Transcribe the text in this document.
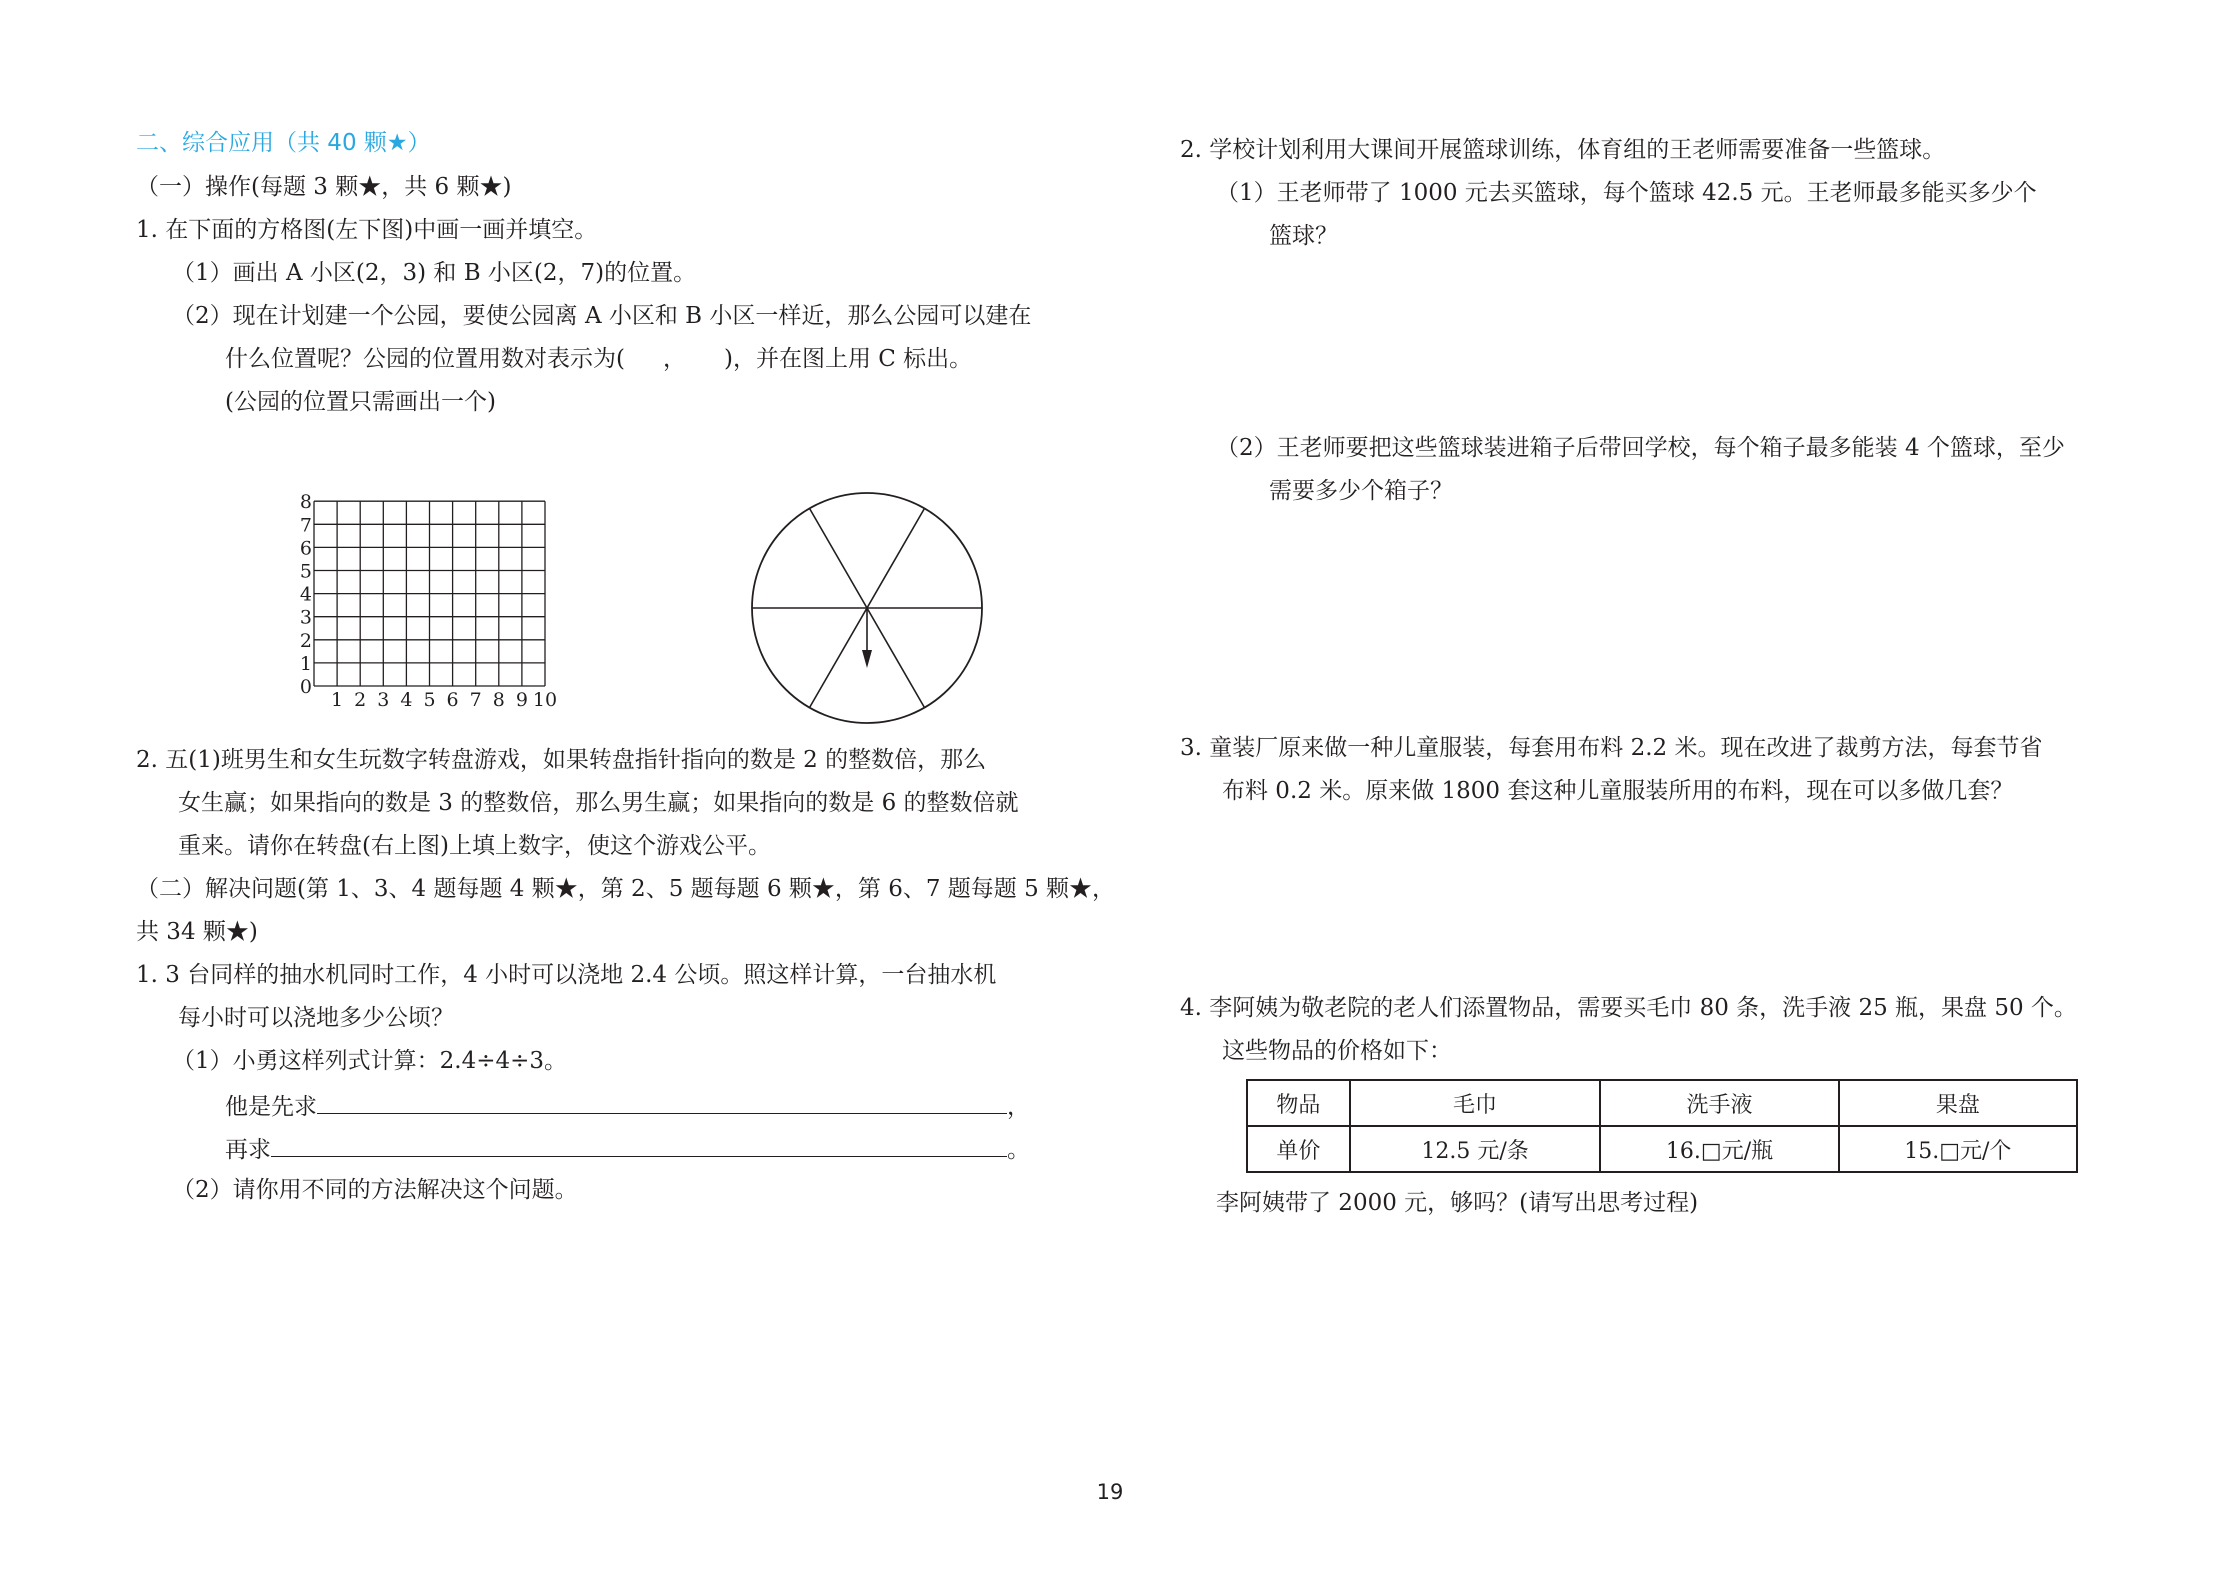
二、综合应用（共 40 颗★）
（一）操作(每题 3 颗★，共 6 颗★)
1. 在下面的方格图(左下图)中画一画并填空。
（1）画出 A 小区(2，3) 和 B 小区(2，7)的位置。
（2）现在计划建一个公园，要使公园离 A 小区和 B 小区一样近，那么公园可以建在
什么位置呢？公园的位置用数对表示为( ， )，并在图上用 C 标出。
(公园的位置只需画出一个)
0
1
2
3
4
5
6
7
8
1 2 3 4 5 6 7 8 9 10
2. 五(1)班男生和女生玩数字转盘游戏，如果转盘指针指向的数是 2 的整数倍，那么
女生赢；如果指向的数是 3 的整数倍，那么男生赢；如果指向的数是 6 的整数倍就
重来。请你在转盘(右上图)上填上数字，使这个游戏公平。
（二）解决问题(第 1、3、4 题每题 4 颗★，第 2、5 题每题 6 颗★，第 6、7 题每题 5 颗★，
共 34 颗★)
1. 3 台同样的抽水机同时工作，4 小时可以浇地 2.4 公顷。照这样计算，一台抽水机
每小时可以浇地多少公顷？
（1）小勇这样列式计算：2.4÷4÷3。
他是先求	，
再求	。
（2）请你用不同的方法解决这个问题。
2. 学校计划利用大课间开展篮球训练，体育组的王老师需要准备一些篮球。
（1）王老师带了 1000 元去买篮球，每个篮球 42.5 元。王老师最多能买多少个
篮球？
（2）王老师要把这些篮球装进箱子后带回学校，每个箱子最多能装 4 个篮球，至少
需要多少个箱子？
3. 童装厂原来做一种儿童服装，每套用布料 2.2 米。现在改进了裁剪方法，每套节省
布料 0.2 米。原来做 1800 套这种儿童服装所用的布料，现在可以多做几套？
4. 李阿姨为敬老院的老人们添置物品，需要买毛巾 80 条，洗手液 25 瓶，果盘 50 个。
这些物品的价格如下：
物品	毛巾	洗手液	果盘
单价	12.5 元/条	16.□元/瓶	15.□元/个
李阿姨带了 2000 元，够吗？(请写出思考过程)
19
